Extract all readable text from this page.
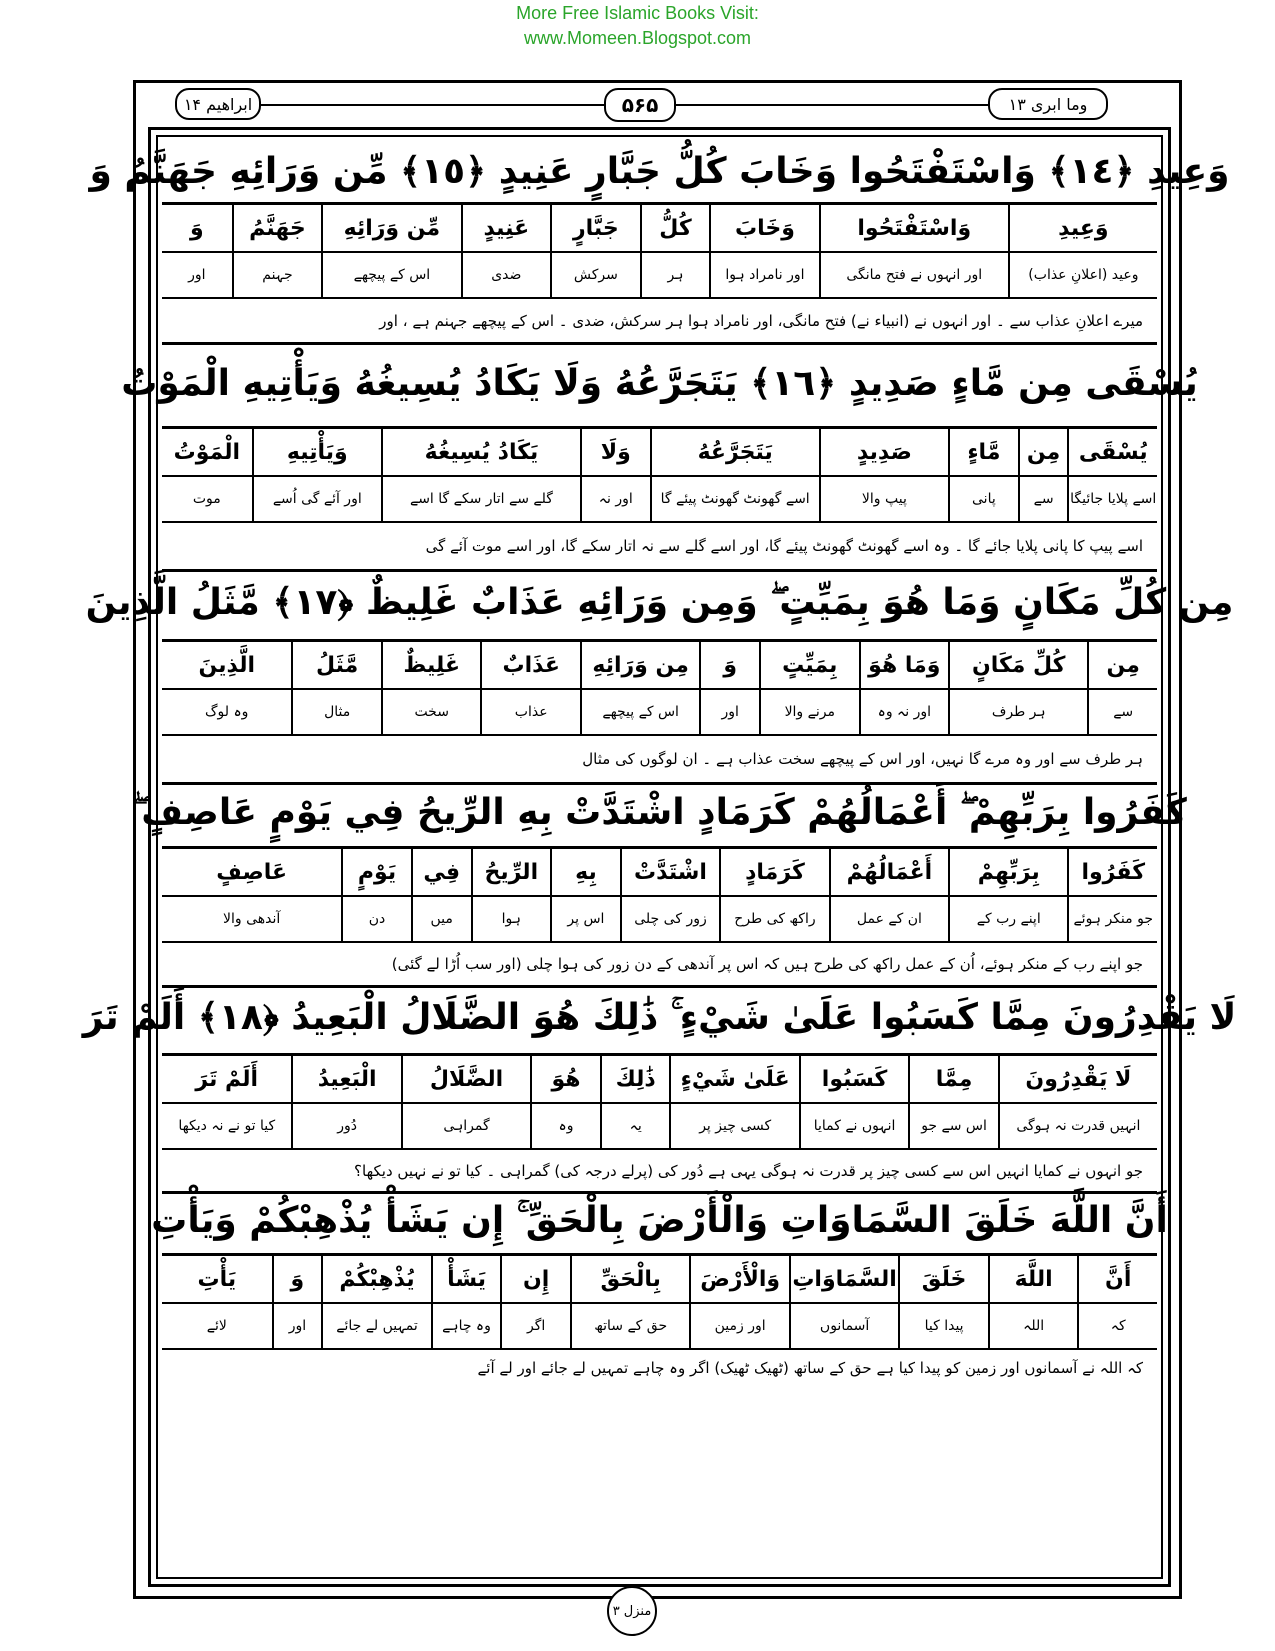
More Free Islamic Books Visit:
www.Momeen.Blogspot.com
ابراھیم ۱۴	۵۶۵	وما ابری ۱۳
وَعِيدِ ﴿١٤﴾ وَاسْتَفْتَحُوا وَخَابَ كُلُّ جَبَّارٍ عَنِيدٍ ﴿١٥﴾ مِّن وَرَائِهِ جَهَنَّمُ وَ
وَعِيدِ
وعید (اعلانِ عذاب)
وَاسْتَفْتَحُوا
اور انہوں نے فتح مانگی
وَخَابَ
اور نامراد ہوا
كُلُّ
ہر
جَبَّارٍ
سرکش
عَنِيدٍ
ضدی
مِّن وَرَائِهِ
اس کے پیچھے
جَهَنَّمُ
جہنم
وَ
اور
میرے اعلانِ عذاب سے ۔ اور انہوں نے (انبیاء نے) فتح مانگی، اور نامراد ہوا ہر سرکش، ضدی ۔ اس کے پیچھے جہنم ہے ، اور
يُسْقَى مِن مَّاءٍ صَدِيدٍ ﴿١٦﴾ يَتَجَرَّعُهُ وَلَا يَكَادُ يُسِيغُهُ وَيَأْتِيهِ الْمَوْتُ
يُسْقَى
اسے پلایا جائیگا
مِن
سے
مَّاءٍ
پانی
صَدِيدٍ
پیپ والا
يَتَجَرَّعُهُ
اسے گھونٹ گھونٹ پیئے گا
وَلَا
اور نہ
يَكَادُ يُسِيغُهُ
گلے سے اتار سکے گا اسے
وَيَأْتِيهِ
اور آئے گی اُسے
الْمَوْتُ
موت
اسے پیپ کا پانی پلایا جائے گا ۔ وہ اسے گھونٹ گھونٹ پیئے گا، اور اسے گلے سے نہ اتار سکے گا، اور اسے موت آئے گی
مِن كُلِّ مَكَانٍ وَمَا هُوَ بِمَيِّتٍ ۖ وَمِن وَرَائِهِ عَذَابٌ غَلِيظٌ ﴿١٧﴾ مَّثَلُ الَّذِينَ
مِن
سے
كُلِّ مَكَانٍ
ہر طرف
وَمَا هُوَ
اور نہ وہ
بِمَيِّتٍ
مرنے والا
وَ
اور
مِن وَرَائِهِ
اس کے پیچھے
عَذَابٌ
عذاب
غَلِيظٌ
سخت
مَّثَلُ
مثال
الَّذِينَ
وہ لوگ
ہر طرف سے اور وہ مرے گا نہیں، اور اس کے پیچھے سخت عذاب ہے ۔ ان لوگوں کی مثال
كَفَرُوا بِرَبِّهِمْ ۖ أَعْمَالُهُمْ كَرَمَادٍ اشْتَدَّتْ بِهِ الرِّيحُ فِي يَوْمٍ عَاصِفٍ ۖ
كَفَرُوا
جو منکر ہوئے
بِرَبِّهِمْ
اپنے رب کے
أَعْمَالُهُمْ
ان کے عمل
كَرَمَادٍ
راکھ کی طرح
اشْتَدَّتْ
زور کی چلی
بِهِ
اس پر
الرِّيحُ
ہوا
فِي
میں
يَوْمٍ
دن
عَاصِفٍ
آندھی والا
جو اپنے رب کے منکر ہوئے، اُن کے عمل راکھ کی طرح ہیں کہ اس پر آندھی کے دن زور کی ہوا چلی (اور سب اُڑا لے گئی)
لَا يَقْدِرُونَ مِمَّا كَسَبُوا عَلَىٰ شَيْءٍ ۚ ذَٰلِكَ هُوَ الضَّلَالُ الْبَعِيدُ ﴿١٨﴾ أَلَمْ تَرَ
لَا يَقْدِرُونَ
انہیں قدرت نہ ہوگی
مِمَّا
اس سے جو
كَسَبُوا
انہوں نے کمایا
عَلَىٰ شَيْءٍ
کسی چیز پر
ذَٰلِكَ
یہ
هُوَ
وہ
الضَّلَالُ
گمراہی
الْبَعِيدُ
دُور
أَلَمْ تَرَ
کیا تو نے نہ دیکھا
جو انہوں نے کمایا انہیں اس سے کسی چیز پر قدرت نہ ہوگی یہی ہے دُور کی (پرلے درجہ کی) گمراہی ۔ کیا تو نے نہیں دیکھا؟
أَنَّ اللَّهَ خَلَقَ السَّمَاوَاتِ وَالْأَرْضَ بِالْحَقِّ ۚ إِن يَشَأْ يُذْهِبْكُمْ وَيَأْتِ
أَنَّ
کہ
اللَّهَ
اللہ
خَلَقَ
پیدا کیا
السَّمَاوَاتِ
آسمانوں
وَالْأَرْضَ
اور زمین
بِالْحَقِّ
حق کے ساتھ
إِن
اگر
يَشَأْ
وہ چاہے
يُذْهِبْكُمْ
تمہیں لے جائے
وَ
اور
يَأْتِ
لائے
کہ اللہ نے آسمانوں اور زمین کو پیدا کیا ہے حق کے ساتھ (ٹھیک ٹھیک) اگر وہ چاہے تمہیں لے جائے اور لے آئے
منزل ۳
